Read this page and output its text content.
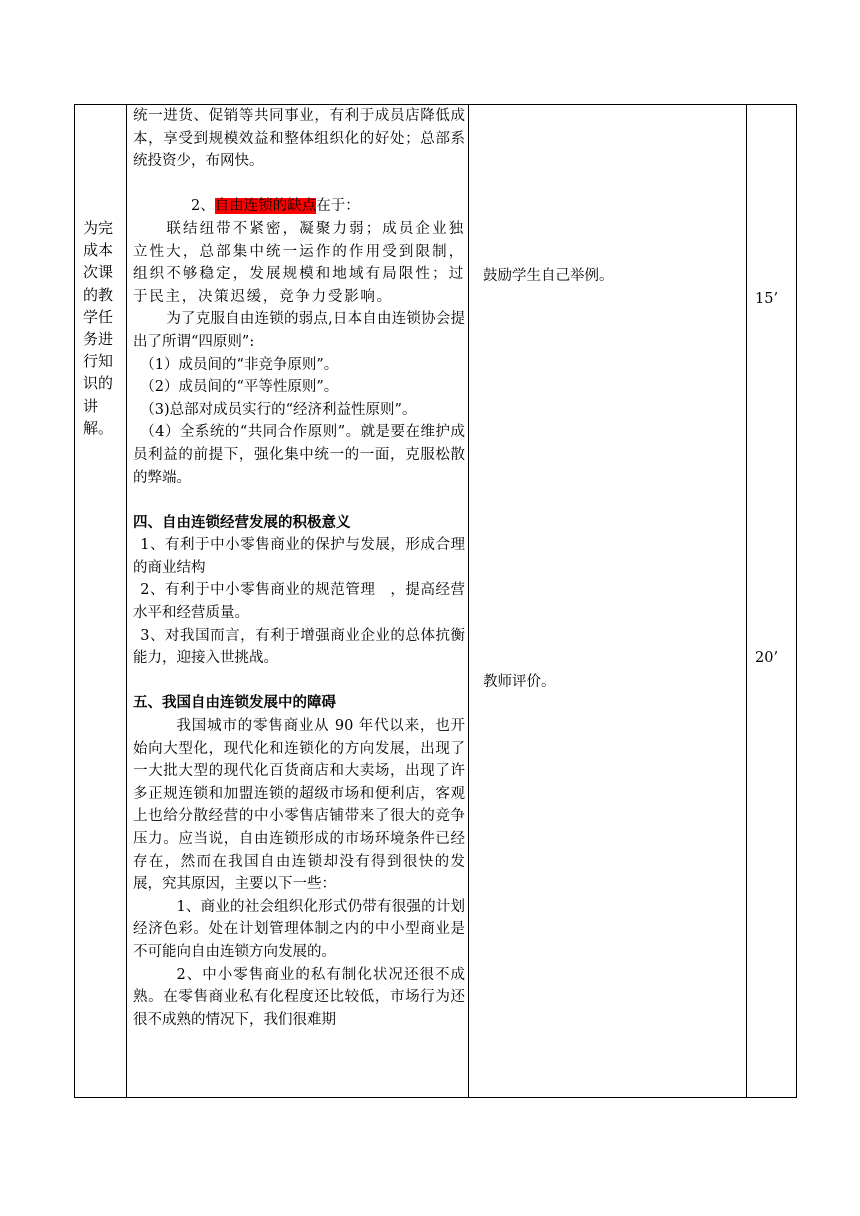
为完成本次课的教学任务进行知识的讲解。

统一进货、促销等共同事业，有利于成员店降低成本，享受到规模效益和整体组织化的好处；总部系统投资少，布网快。

2、自由连锁的缺点在于：

联结纽带不紧密，凝聚力弱；成员企业独立性大，总部集中统一运作的作用受到限制，组织不够稳定，发展规模和地域有局限性；过于民主，决策迟缓，竞争力受影响。

为了克服自由连锁的弱点,日本自由连锁协会提出了所谓“四原则”:

（1）成员间的“非竞争原则”。

（2）成员间的“平等性原则”。

（3)总部对成员实行的“经济利益性原则”。

（4）全系统的“共同合作原则”。就是要在维护成员利益的前提下，强化集中统一的一面，克服松散的弊端。

四、自由连锁经营发展的积极意义

1、有利于中小零售商业的保护与发展，形成合理的商业结构

2、有利于中小零售商业的规范管理　，提高经营水平和经营质量。

3、对我国而言，有利于增强商业企业的总体抗衡能力，迎接入世挑战。

五、我国自由连锁发展中的障碍

我国城市的零售商业从 90 年代以来，也开始向大型化，现代化和连锁化的方向发展，出现了一大批大型的现代化百货商店和大卖场，出现了许多正规连锁和加盟连锁的超级市场和便利店，客观上也给分散经营的中小零售店铺带来了很大的竞争压力。应当说，自由连锁形成的市场环境条件已经存在，然而在我国自由连锁却没有得到很快的发展，究其原因，主要以下一些：

1、商业的社会组织化形式仍带有很强的计划经济色彩。处在计划管理体制之内的中小型商业是不可能向自由连锁方向发展的。

2、中小零售商业的私有制化状况还很不成熟。在零售商业私有化程度还比较低，市场行为还很不成熟的情况下，我们很难期

鼓励学生自己举例。
15’
教师评价。
20’
